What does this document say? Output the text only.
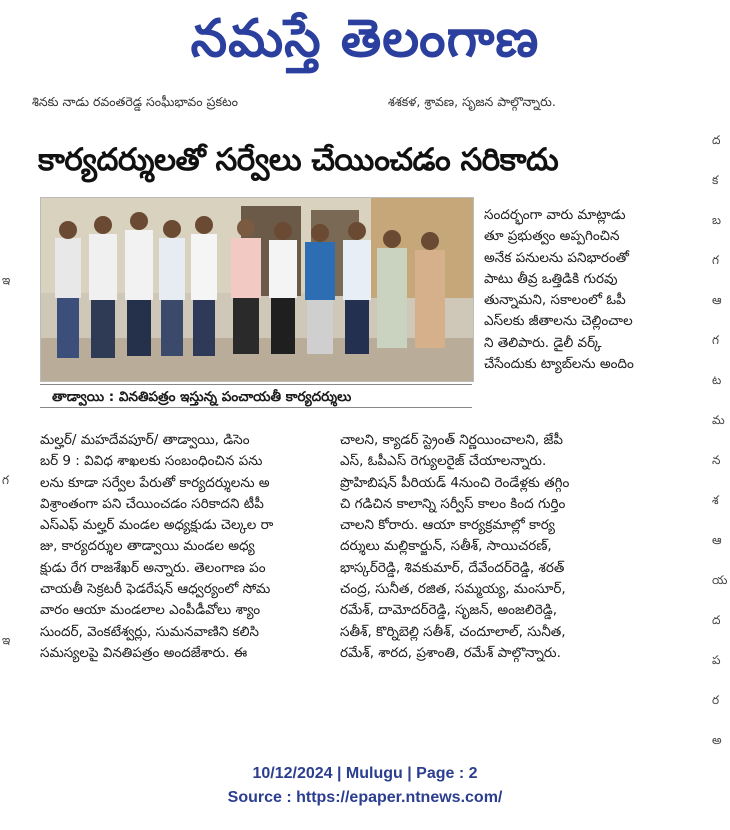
నమస్తే తెలంగాణ
ఇ
గ
ఇ
ద
క
బ
గ
ఆ
గ
ట
మ
న
శ
ఆ
య
ద
ప
ర
అ
శినకు నాడు రవంతరెడ్డ సంఘీభావం ప్రకటం	శశకళ, శ్రావణ, సృజన పాల్గొన్నారు.
కార్యదర్శులతో సర్వేలు చేయించడం సరికాదు
తాడ్వాయి : వినతిపత్రం ఇస్తున్న పంచాయతీ కార్యదర్శులు
సందర్భంగా వారు మాట్లాడు
తూ ప్రభుత్వం అప్పగించిన
అనేక పనులను పనిభారంతో
పాటు తీవ్ర ఒత్తిడికి గురవు
తున్నామని, సకాలంలో ఓపీ
ఎస్‌లకు జీతాలను చెల్లించాల
ని తెలిపారు. డైలీ వర్క్
చేసేందుకు ట్యాబ్‌లను అందిం
మల్హర్/ మహదేవపూర్/ తాడ్వాయి, డిసెం
బర్ 9 : వివిధ శాఖలకు సంబంధించిన పను
లను కూడా సర్వేల పేరుతో కార్యదర్శులను అ
విశ్రాంతంగా పని చేయించడం సరికాదని టీపీ
ఎస్ఎఫ్ మల్హర్ మండల అధ్యక్షుడు చెల్కల రా
జు, కార్యదర్శుల తాడ్వాయి మండల అధ్య
క్షుడు రేగ రాజశేఖర్ అన్నారు. తెలంగాణ పం
చాయతీ సెక్రటరీ ఫెడరేషన్ ఆధ్వర్యంలో సోమ
వారం ఆయా మండలాల ఎంపీడీవోలు శ్యాం
సుందర్, వెంకటేశ్వర్లు, సుమనవాణిని కలిసి
సమస్యలపై వినతిపత్రం అందజేశారు. ఈ
చాలని, క్యాడర్ స్ట్రెంత్ నిర్ణయించాలని, జేపీ
ఎస్, ఓపీఎస్ రెగ్యులరైజ్ చేయాలన్నారు.
ప్రొహిబిషన్ పీరియడ్ 4నుంచి రెండేళ్లకు తగ్గిం
చి గడిచిన కాలాన్ని సర్వీస్ కాలం కింద గుర్తిం
చాలని కోరారు. ఆయా కార్యక్రమాల్లో కార్య
దర్శులు మల్లికార్జున్, సతీశ్, సాయిచరణ్,
భాస్కర్‌రెడ్డి, శివకుమార్, దేవేందర్‌రెడ్డి, శరత్
చంద్ర, సునీత, రజిత, సమ్మయ్య, మంసూర్,
రమేశ్, దామోదర్‌రెడ్డి, సృజన్, అంజలిరెడ్డి,
సతీశ్, కొర్నిబెల్లి సతీశ్, చందూలాల్, సునీత,
రమేశ్, శారద, ప్రశాంతి, రమేశ్ పాల్గొన్నారు.
10/12/2024 | Mulugu | Page : 2
Source : https://epaper.ntnews.com/
